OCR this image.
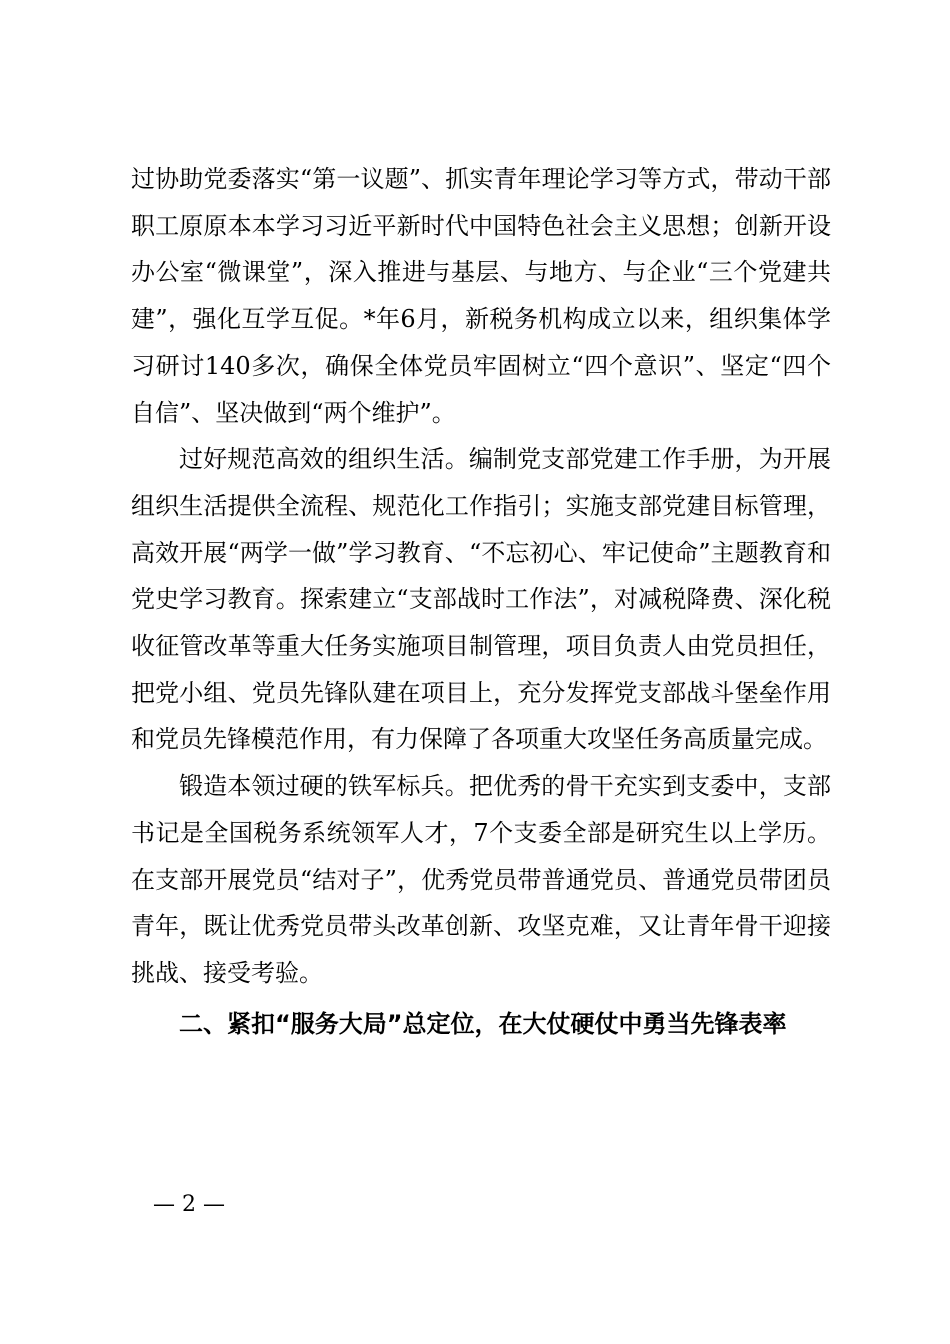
过协助党委落实“第一议题”、抓实青年理论学习等方式，带动干部职工原原本本学习习近平新时代中国特色社会主义思想；创新开设办公室“微课堂”，深入推进与基层、与地方、与企业“三个党建共建”，强化互学互促。*年6月，新税务机构成立以来，组织集体学习研讨140多次，确保全体党员牢固树立“四个意识”、坚定“四个自信”、坚决做到“两个维护”。

过好规范高效的组织生活。编制党支部党建工作手册，为开展组织生活提供全流程、规范化工作指引；实施支部党建目标管理，高效开展“两学一做”学习教育、“不忘初心、牢记使命”主题教育和党史学习教育。探索建立“支部战时工作法”，对减税降费、深化税收征管改革等重大任务实施项目制管理，项目负责人由党员担任，把党小组、党员先锋队建在项目上，充分发挥党支部战斗堡垒作用和党员先锋模范作用，有力保障了各项重大攻坚任务高质量完成。

锻造本领过硬的铁军标兵。把优秀的骨干充实到支委中，支部书记是全国税务系统领军人才，7个支委全部是研究生以上学历。在支部开展党员“结对子”，优秀党员带普通党员、普通党员带团员青年，既让优秀党员带头改革创新、攻坚克难，又让青年骨干迎接挑战、接受考验。

二、紧扣“服务大局”总定位，在大仗硬仗中勇当先锋表率

— 2 —
